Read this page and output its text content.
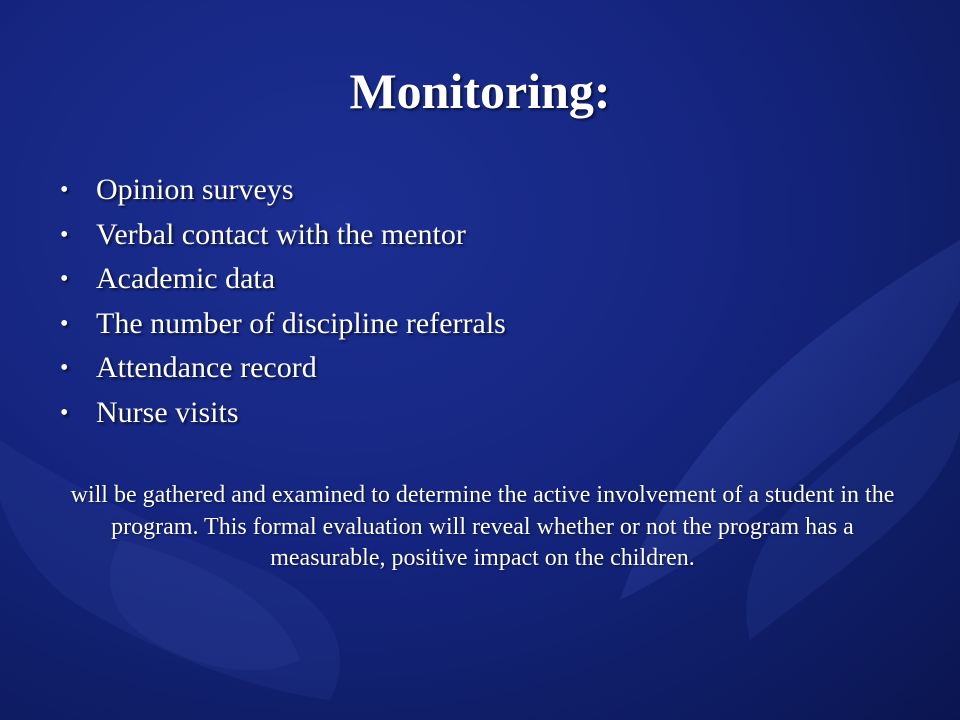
Monitoring:
• Opinion surveys
• Verbal contact with the mentor
• Academic data
• The number of discipline referrals
• Attendance record
• Nurse visits
will be gathered and examined to determine the active involvement of a student in the program. This formal evaluation will reveal whether or not the program has a measurable, positive impact on the children.
